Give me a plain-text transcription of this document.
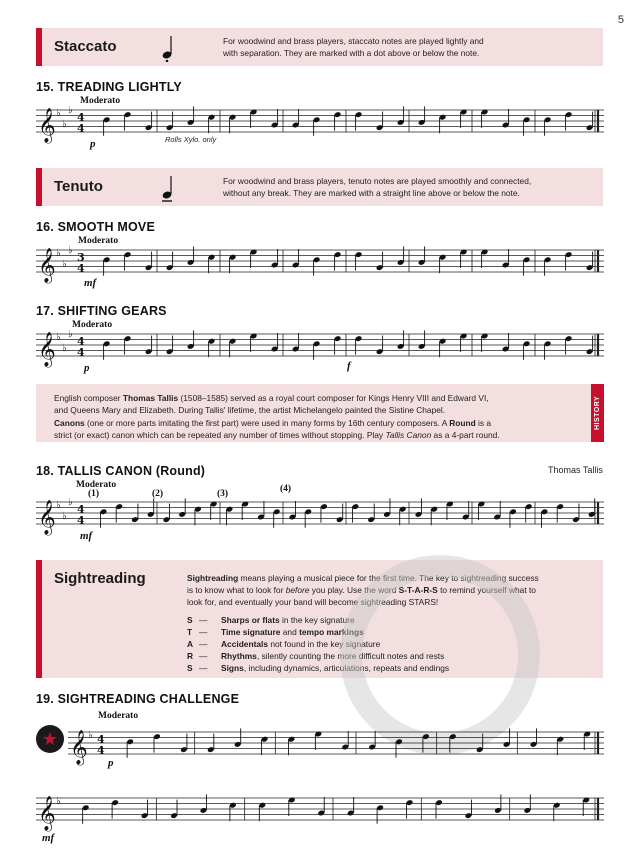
5
Staccato	For woodwind and brass players, staccato notes are played lightly and
with separation. They are marked with a dot above or below the note.
15. TREADING LIGHTLY
Moderato
p	Rolls Xylo. only
𝄞 ♭
♭
♭
4
4
Tenuto	For woodwind and brass players, tenuto notes are played smoothly and connected,
without any break. They are marked with a straight line above or below the note.
16. SMOOTH MOVE
Moderato
mf
𝄞 ♭
♭
♭
3
4
17. SHIFTING GEARS
Moderato
p	f
𝄞 ♭
♭
♭
4
4
English composer Thomas Tallis (1508–1585) served as a royal court composer for Kings Henry VIII and Edward VI,
and Queens Mary and Elizabeth. During Tallis' lifetime, the artist Michelangelo painted the Sistine Chapel.
Canons (one or more parts imitating the first part) were used in many forms by 16th century composers. A Round is a
strict (or exact) canon which can be repeated any number of times without stopping. Play Tallis Canon as a 4-part round.
HISTORY
18. TALLIS CANON (Round)	Thomas Tallis
Moderato
mf
𝄞 ♭
♭
♭
4
4
(1)	(2)	(3)	(4)
Sightreading	Sightreading means playing a musical piece for the first time. The key to sightreading success
is to know what to look for before you play. Use the word S-T-A-R-S to remind yourself what to
look for, and eventually your band will become sightreading STARS!
S — Sharps or flats in the key signature
T — Time signature and tempo markings
A — Accidentals not found in the key signature
R — Rhythms, silently counting the more difficult notes and rests
S — Signs, including dynamics, articulations, repeats and endings
19. SIGHTREADING CHALLENGE
★
Moderato
p
mf
𝄞 ♭ 4
4
𝄞 ♭
